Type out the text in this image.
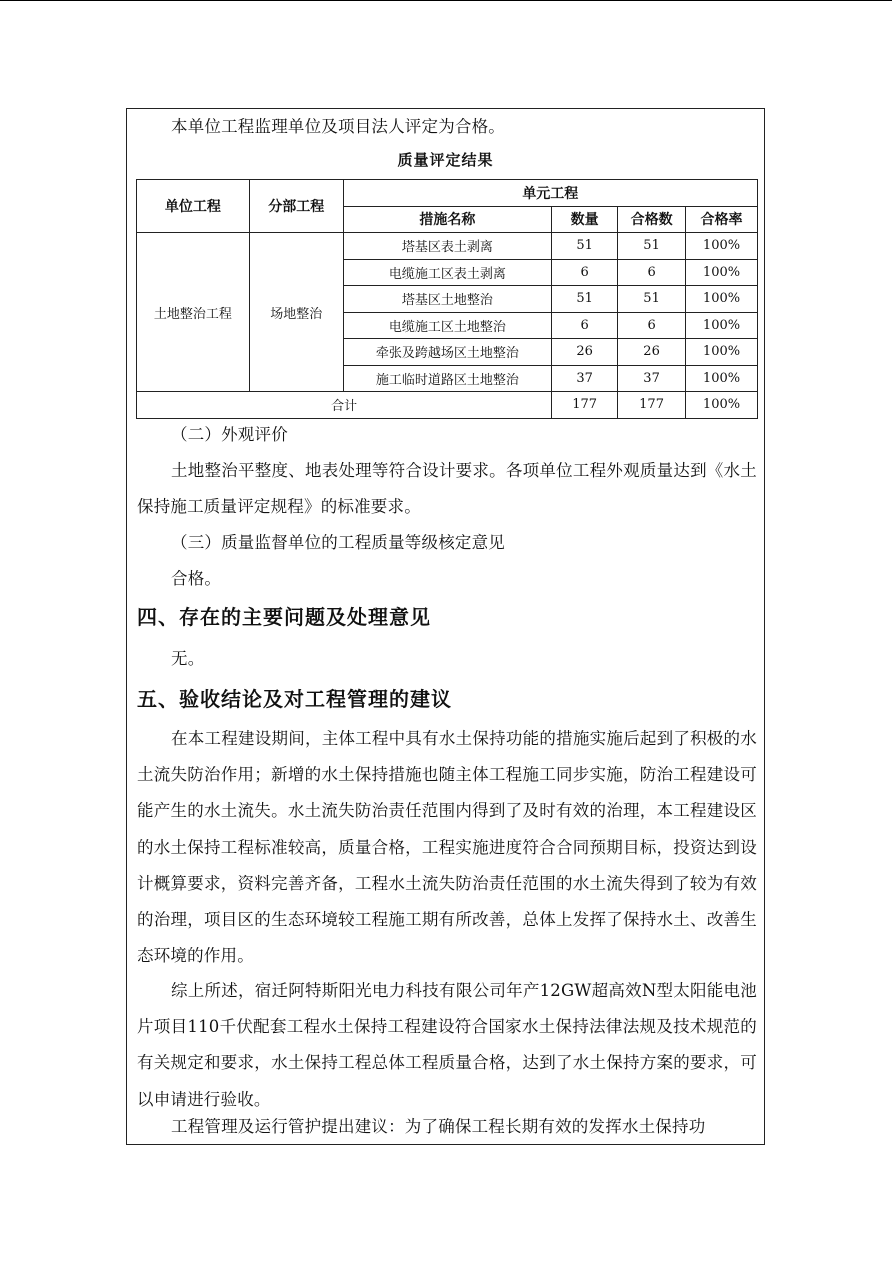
本单位工程监理单位及项目法人评定为合格。

质量评定结果
单位工程	分部工程	单元工程			
		措施名称	数量	合格数	合格率
土地整治工程	场地整治	塔基区表土剥离	51	51	100%
		电缆施工区表土剥离	6	6	100%
		塔基区土地整治	51	51	100%
		电缆施工区土地整治	6	6	100%
		牵张及跨越场区土地整治	26	26	100%
		施工临时道路区土地整治	37	37	100%
合计			177	177	100%

（二）外观评价

土地整治平整度、地表处理等符合设计要求。各项单位工程外观质量达到《水土保持施工质量评定规程》的标准要求。

（三）质量监督单位的工程质量等级核定意见

合格。

四、存在的主要问题及处理意见

无。

五、验收结论及对工程管理的建议

在本工程建设期间，主体工程中具有水土保持功能的措施实施后起到了积极的水土流失防治作用；新增的水土保持措施也随主体工程施工同步实施，防治工程建设可能产生的水土流失。水土流失防治责任范围内得到了及时有效的治理，本工程建设区的水土保持工程标准较高，质量合格，工程实施进度符合合同预期目标，投资达到设计概算要求，资料完善齐备，工程水土流失防治责任范围的水土流失得到了较为有效的治理，项目区的生态环境较工程施工期有所改善，总体上发挥了保持水土、改善生态环境的作用。

综上所述，宿迁阿特斯阳光电力科技有限公司年产12GW超高效N型太阳能电池片项目110千伏配套工程水土保持工程建设符合国家水土保持法律法规及技术规范的有关规定和要求，水土保持工程总体工程质量合格，达到了水土保持方案的要求，可以申请进行验收。

工程管理及运行管护提出建议：为了确保工程长期有效的发挥水土保持功
